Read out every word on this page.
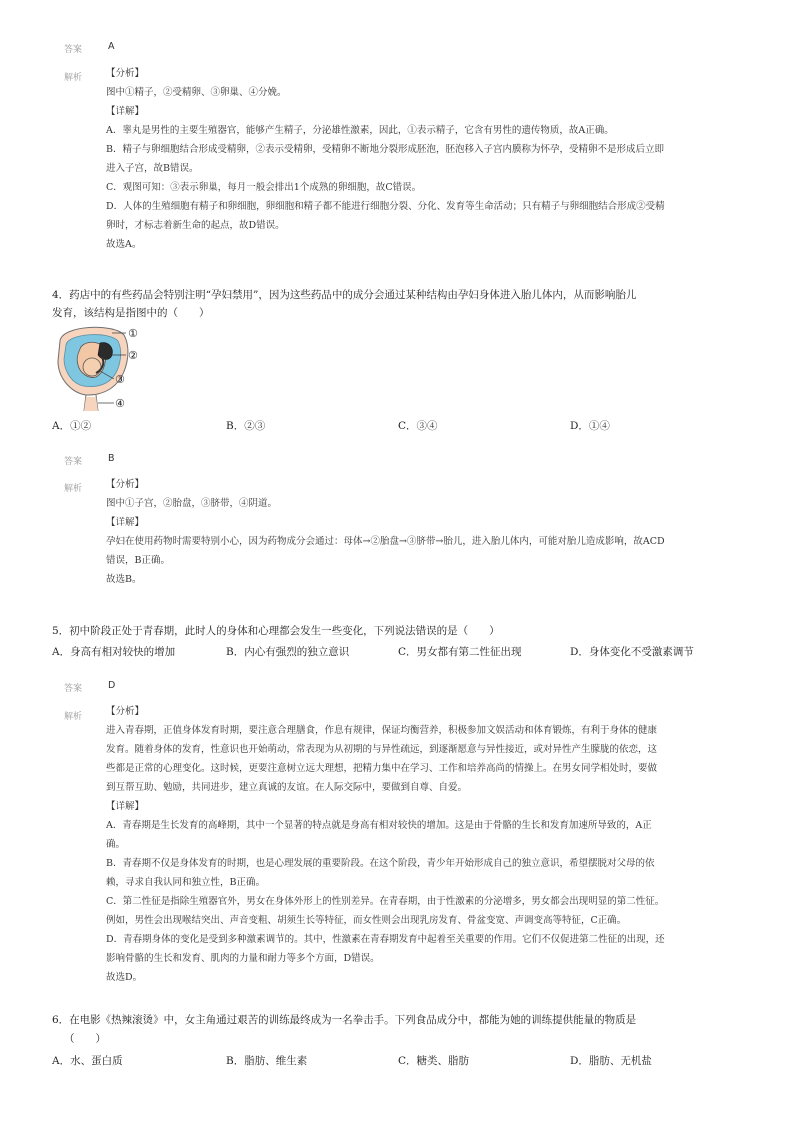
答案	A
解析	【分析】
图中①精子，②受精卵、③卵巢、④分娩。
【详解】
A．睾丸是男性的主要生殖器官，能够产生精子，分泌雄性激素，因此，①表示精子，它含有男性的遗传物质，故A正确。
B．精子与卵细胞结合形成受精卵，②表示受精卵，受精卵不断地分裂形成胚泡，胚泡移入子宫内膜称为怀孕，受精卵不是形成后立即
进入子宫，故B错误。
C．观图可知：③表示卵巢，每月一般会排出1个成熟的卵细胞，故C错误。
D．人体的生殖细胞有精子和卵细胞，卵细胞和精子都不能进行细胞分裂、分化、发育等生命活动；只有精子与卵细胞结合形成②受精
卵时，才标志着新生命的起点，故D错误。
故选A。
4．药店中的有些药品会特别注明“孕妇禁用”，因为这些药品中的成分会通过某种结构由孕妇身体进入胎儿体内，从而影响胎儿
发育，该结构是指图中的（　　）
①
②
③
④
A．①②	B．②③	C．③④	D．①④
答案	B
解析	【分析】
图中①子宫，②胎盘，③脐带，④阴道。
【详解】
孕妇在使用药物时需要特别小心，因为药物成分会通过：母体→②胎盘→③脐带→胎儿，进入胎儿体内，可能对胎儿造成影响，故ACD
错误，B正确。
故选B。
5．初中阶段正处于青春期，此时人的身体和心理都会发生一些变化，下列说法错误的是（　　）
A．身高有相对较快的增加	B．内心有强烈的独立意识	C．男女都有第二性征出现	D．身体变化不受激素调节
答案	D
解析	【分析】
进入青春期，正值身体发育时期，要注意合理膳食，作息有规律，保证均衡营养，积极参加文娱活动和体育锻炼，有利于身体的健康
发育。随着身体的发育，性意识也开始萌动，常表现为从初期的与异性疏远，到逐渐愿意与异性接近，或对异性产生朦胧的依恋，这
些都是正常的心理变化。这时候，更要注意树立远大理想，把精力集中在学习、工作和培养高尚的情操上。在男女同学相处时，要做
到互帮互助、勉励，共同进步，建立真诚的友谊。在人际交际中，要做到自尊、自爱。
【详解】
A．青春期是生长发育的高峰期，其中一个显著的特点就是身高有相对较快的增加。这是由于骨骼的生长和发育加速所导致的，A正
确。
B．青春期不仅是身体发育的时期，也是心理发展的重要阶段。在这个阶段，青少年开始形成自己的独立意识，希望摆脱对父母的依
赖，寻求自我认同和独立性，B正确。
C．第二性征是指除生殖器官外，男女在身体外形上的性别差异。在青春期，由于性激素的分泌增多，男女都会出现明显的第二性征。
例如，男性会出现喉结突出、声音变粗、胡须生长等特征，而女性则会出现乳房发育、骨盆变宽、声调变高等特征，C正确。
D．青春期身体的变化是受到多种激素调节的。其中，性激素在青春期发育中起着至关重要的作用。它们不仅促进第二性征的出现，还
影响骨骼的生长和发育、肌肉的力量和耐力等多个方面，D错误。
故选D。
6．在电影《热辣滚烫》中，女主角通过艰苦的训练最终成为一名拳击手。下列食品成分中，都能为她的训练提供能量的物质是
（　　）
A．水、蛋白质	B．脂肪、维生素	C．糖类、脂肪	D．脂肪、无机盐
